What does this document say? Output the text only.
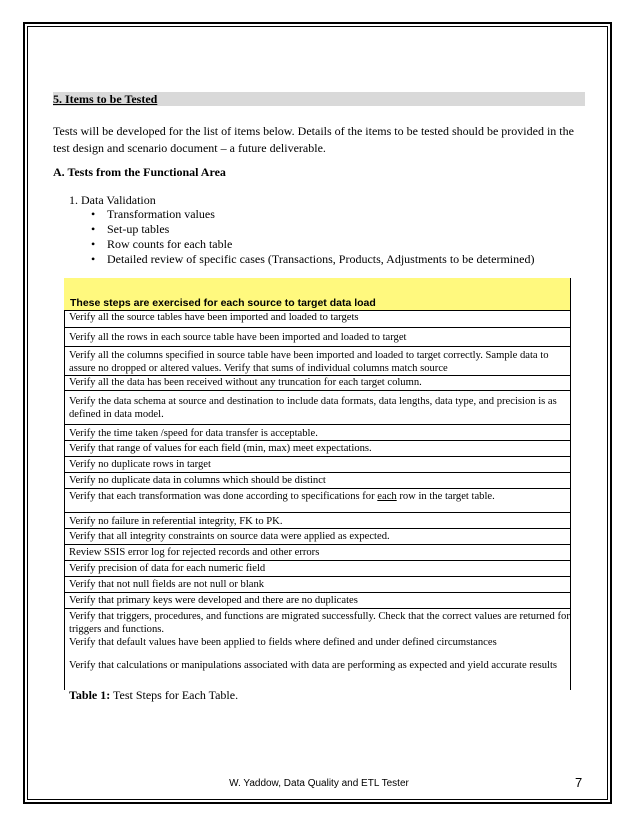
5. Items to be Tested
Tests will be developed for the list of items below. Details of the items to be tested should be provided in the test design and scenario document – a future deliverable.
A. Tests from the Functional Area
1. Data Validation
• Transformation values
• Set-up tables
• Row counts for each table
• Detailed review of specific cases (Transactions, Products, Adjustments to be determined)
These steps are exercised for each source to target data load
Verify all the source tables have been imported and loaded to targets
Verify all the rows in each source table have been imported and loaded to target
Verify all the columns specified in source table have been imported and loaded to target correctly. Sample data to assure no dropped or altered values. Verify that sums of individual columns match source
Verify all the data has been received without any truncation for each target column.
Verify the data schema at source and destination to include data formats, data lengths, data type, and precision is as defined in data model.
Verify the time taken /speed for data transfer is acceptable.
Verify that range of values for each field (min, max) meet expectations.
Verify no duplicate rows in target
Verify no duplicate data in columns which should be distinct
Verify that each transformation was done according to specifications for each row in the target table.
Verify no failure in referential integrity, FK to PK.
Verify that all integrity constraints on source data were applied as expected.
Review SSIS error log for rejected records and other errors
Verify precision of data for each numeric field
Verify that not null fields are not null or blank
Verify that primary keys were developed and there are no duplicates
Verify that triggers, procedures, and functions are migrated successfully. Check that the correct values are returned for triggers and functions.
Verify that default values have been applied to fields where defined and under defined circumstances
Verify that calculations or manipulations associated with data are performing as expected and yield accurate results
Table 1: Test Steps for Each Table.
W. Yaddow, Data Quality and ETL Tester	7
